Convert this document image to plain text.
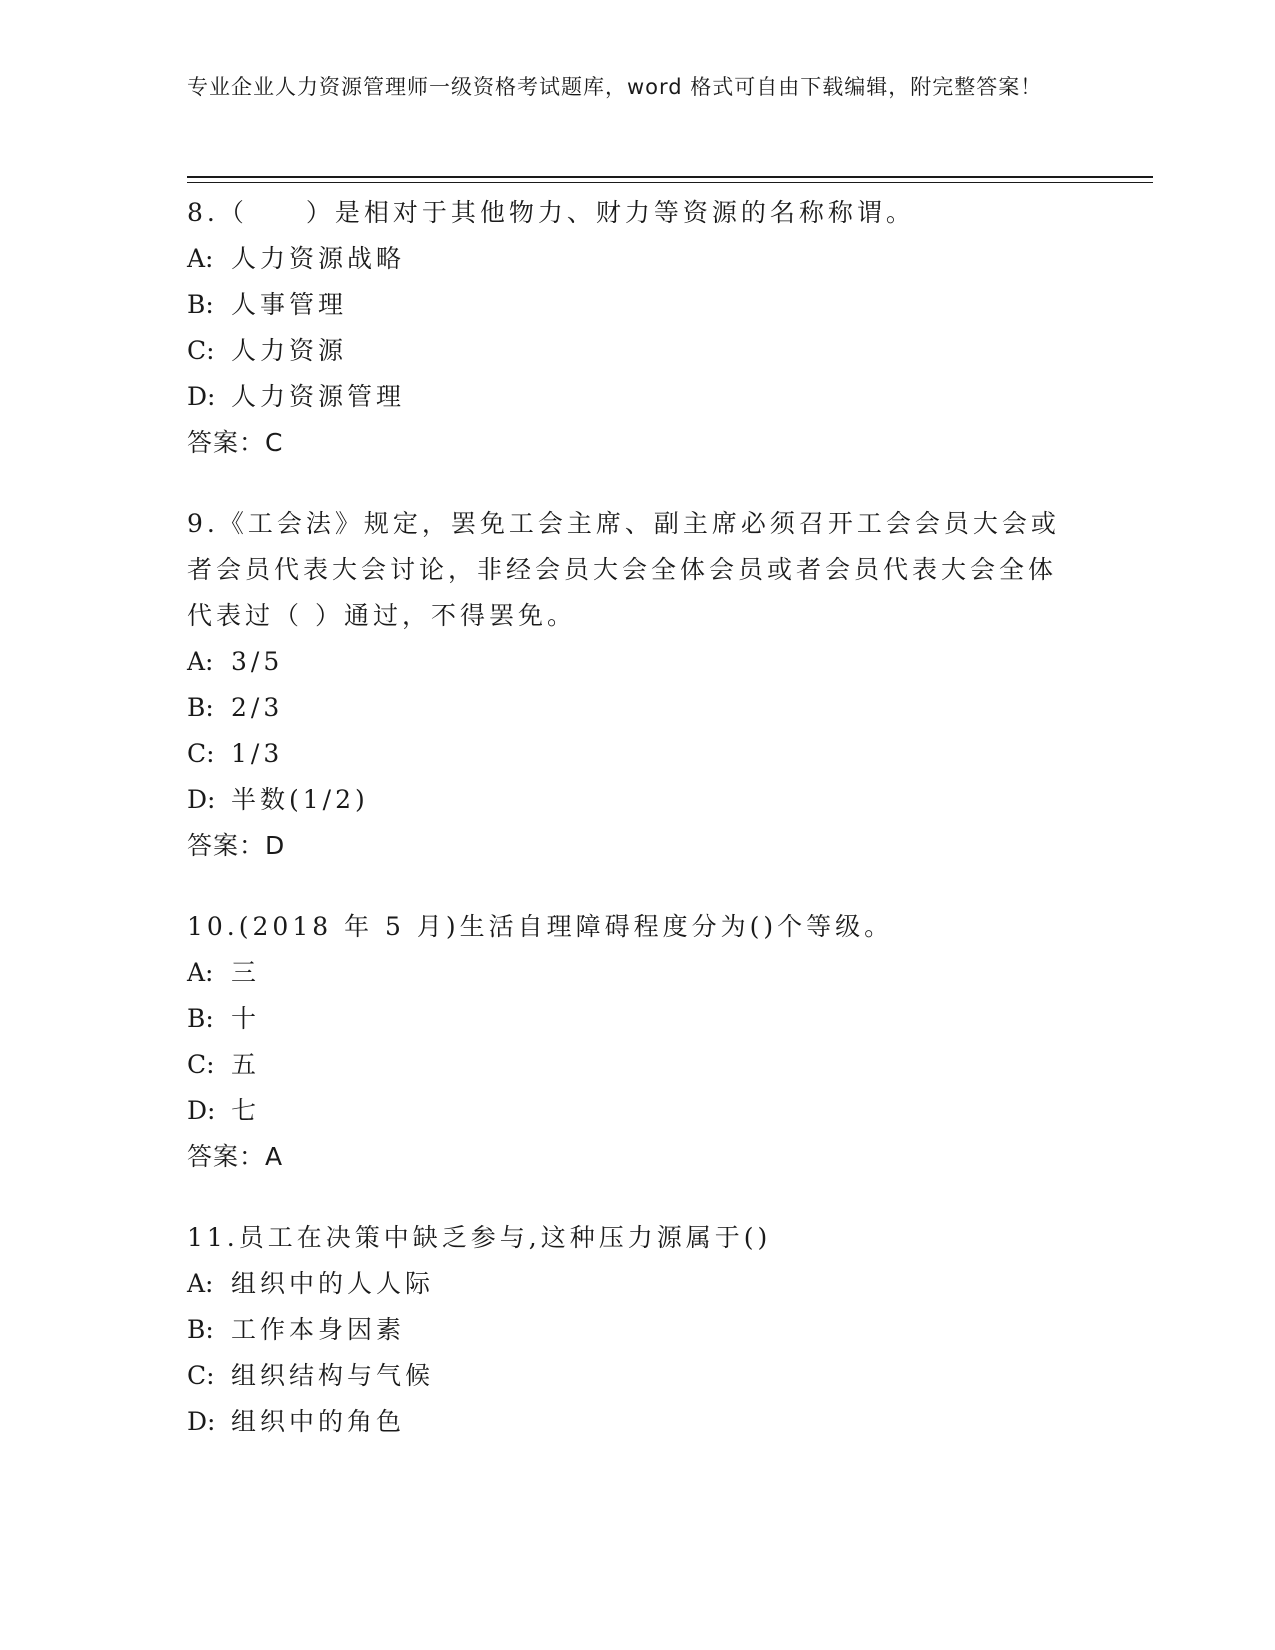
专业企业人力资源管理师一级资格考试题库，word 格式可自由下载编辑，附完整答案！

8.（　　）是相对于其他物力、财力等资源的名称称谓。

A: 人力资源战略

B: 人事管理

C: 人力资源

D: 人力资源管理

答案：C

9.《工会法》规定，罢免工会主席、副主席必须召开工会会员大会或者会员代表大会讨论，非经会员大会全体会员或者会员代表大会全体代表过（ ）通过，不得罢免。

A: 3/5

B: 2/3

C: 1/3

D: 半数(1/2)

答案：D

10.(2018 年 5 月)生活自理障碍程度分为()个等级。

A: 三

B: 十

C: 五

D: 七

答案：A

11.员工在决策中缺乏参与,这种压力源属于()

A: 组织中的人人际

B: 工作本身因素

C: 组织结构与气候

D: 组织中的角色
